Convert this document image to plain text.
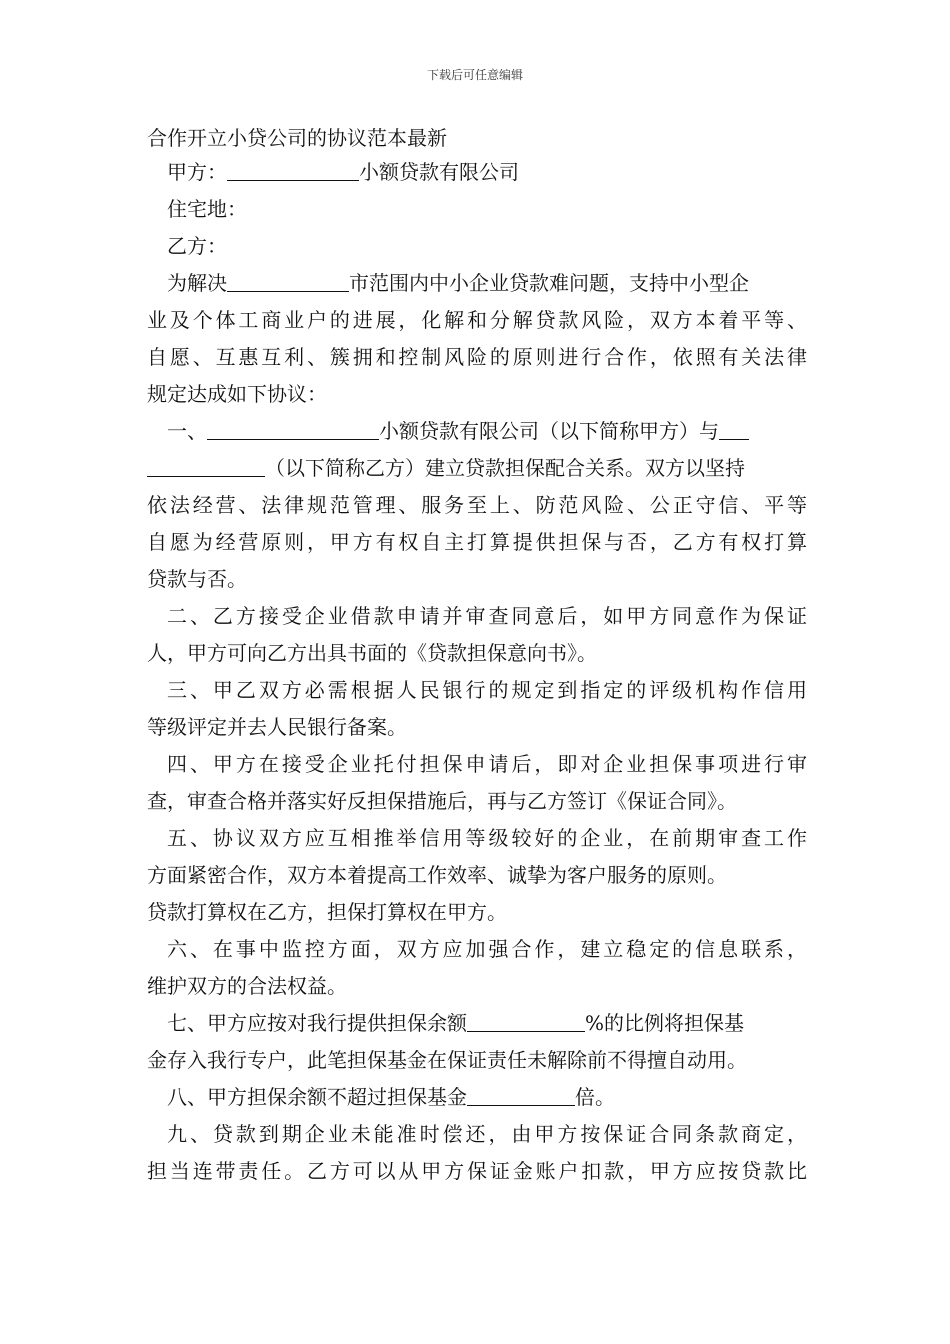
下载后可任意编辑
合作开立小贷公司的协议范本最新
甲方：	小额贷款有限公司
住宅地：
乙方：
为解决	市范围内中小企业贷款难问题，支持中小型企
业及个体工商业户的进展，化解和分解贷款风险，双方本着平等、
自愿、互惠互利、簇拥和控制风险的原则进行合作，依照有关法律
规定达成如下协议：
一、	小额贷款有限公司（以下简称甲方）与
（以下简称乙方）建立贷款担保配合关系。双方以坚持
依法经营、法律规范管理、服务至上、防范风险、公正守信、平等
自愿为经营原则，甲方有权自主打算提供担保与否，乙方有权打算
贷款与否。
二、乙方接受企业借款申请并审查同意后，如甲方同意作为保证
人，甲方可向乙方出具书面的《贷款担保意向书》。
三、甲乙双方必需根据人民银行的规定到指定的评级机构作信用
等级评定并去人民银行备案。
四、甲方在接受企业托付担保申请后，即对企业担保事项进行审
查，审查合格并落实好反担保措施后，再与乙方签订《保证合同》。
五、协议双方应互相推举信用等级较好的企业，在前期审查工作
方面紧密合作，双方本着提高工作效率、诚挚为客户服务的原则。
贷款打算权在乙方，担保打算权在甲方。
六、在事中监控方面，双方应加强合作，建立稳定的信息联系，
维护双方的合法权益。
七、甲方应按对我行提供担保余额	%的比例将担保基
金存入我行专户，此笔担保基金在保证责任未解除前不得擅自动用。
八、甲方担保余额不超过担保基金	倍。
九、贷款到期企业未能准时偿还，由甲方按保证合同条款商定，
担当连带责任。乙方可以从甲方保证金账户扣款，甲方应按贷款比
